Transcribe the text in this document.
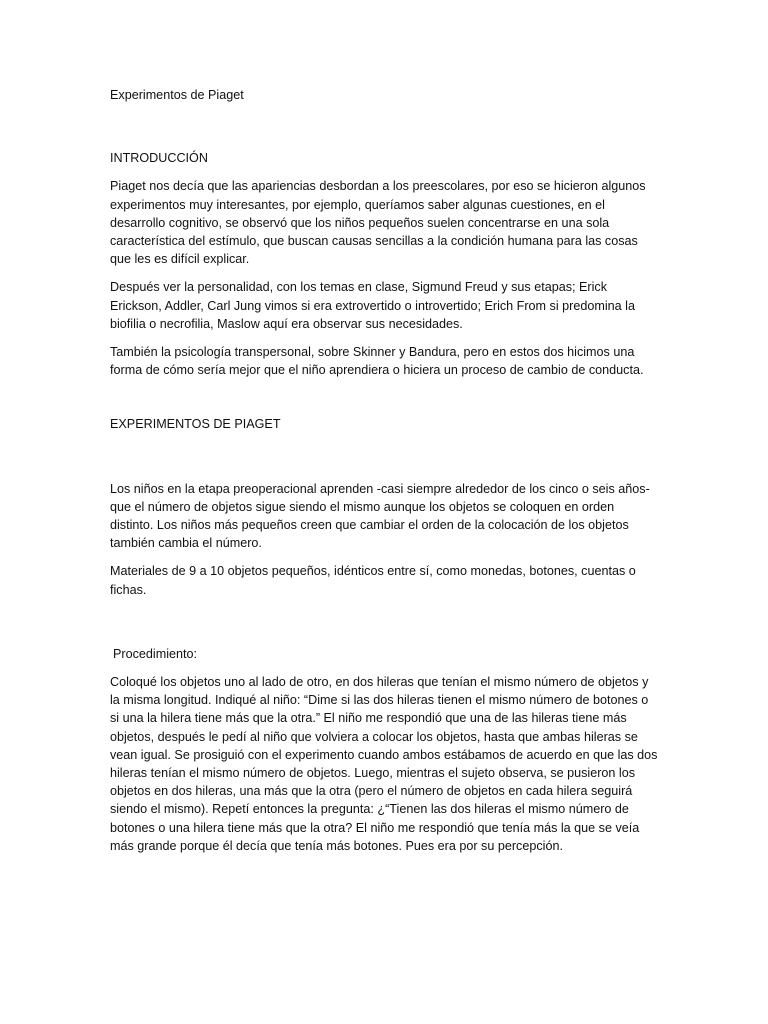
Experimentos de Piaget

INTRODUCCIÓN

Piaget nos decía que las apariencias desbordan a los preescolares, por eso se hicieron algunos experimentos muy interesantes, por ejemplo, queríamos saber algunas cuestiones, en el desarrollo cognitivo, se observó que los niños pequeños suelen concentrarse en una sola característica del estímulo, que buscan causas sencillas a la condición humana para las cosas que les es difícil explicar.

Después ver la personalidad, con los temas en clase, Sigmund Freud y sus etapas; Erick Erickson, Addler, Carl Jung vimos si era extrovertido o introvertido; Erich From si predomina la biofilia o necrofilia, Maslow aquí era observar sus necesidades.

También la psicología transpersonal, sobre Skinner y Bandura, pero en estos dos hicimos una forma de cómo sería mejor que el niño aprendiera o hiciera un proceso de cambio de conducta.

EXPERIMENTOS DE PIAGET

Los niños en la etapa preoperacional aprenden -casi siempre alrededor de los cinco o seis años- que el número de objetos sigue siendo el mismo aunque los objetos se coloquen en orden distinto. Los niños más pequeños creen que cambiar el orden de la colocación de los objetos también cambia el número.

Materiales de 9 a 10 objetos pequeños, idénticos entre sí, como monedas, botones, cuentas o fichas.

Procedimiento:

Coloqué los objetos uno al lado de otro, en dos hileras que tenían el mismo número de objetos y la misma longitud. Indiqué al niño: “Dime si las dos hileras tienen el mismo número de botones o si una la hilera tiene más que la otra.” El niño me respondió que una de las hileras tiene más objetos, después le pedí al niño que volviera a colocar los objetos, hasta que ambas hileras se vean igual. Se prosiguió con el experimento cuando ambos estábamos de acuerdo en que las dos hileras tenían el mismo número de objetos. Luego, mientras el sujeto observa, se pusieron los objetos en dos hileras, una más que la otra (pero el número de objetos en cada hilera seguirá siendo el mismo). Repetí entonces la pregunta: ¿“Tienen las dos hileras el mismo número de botones o una hilera tiene más que la otra? El niño me respondió que tenía más la que se veía más grande porque él decía que tenía más botones. Pues era por su percepción.
